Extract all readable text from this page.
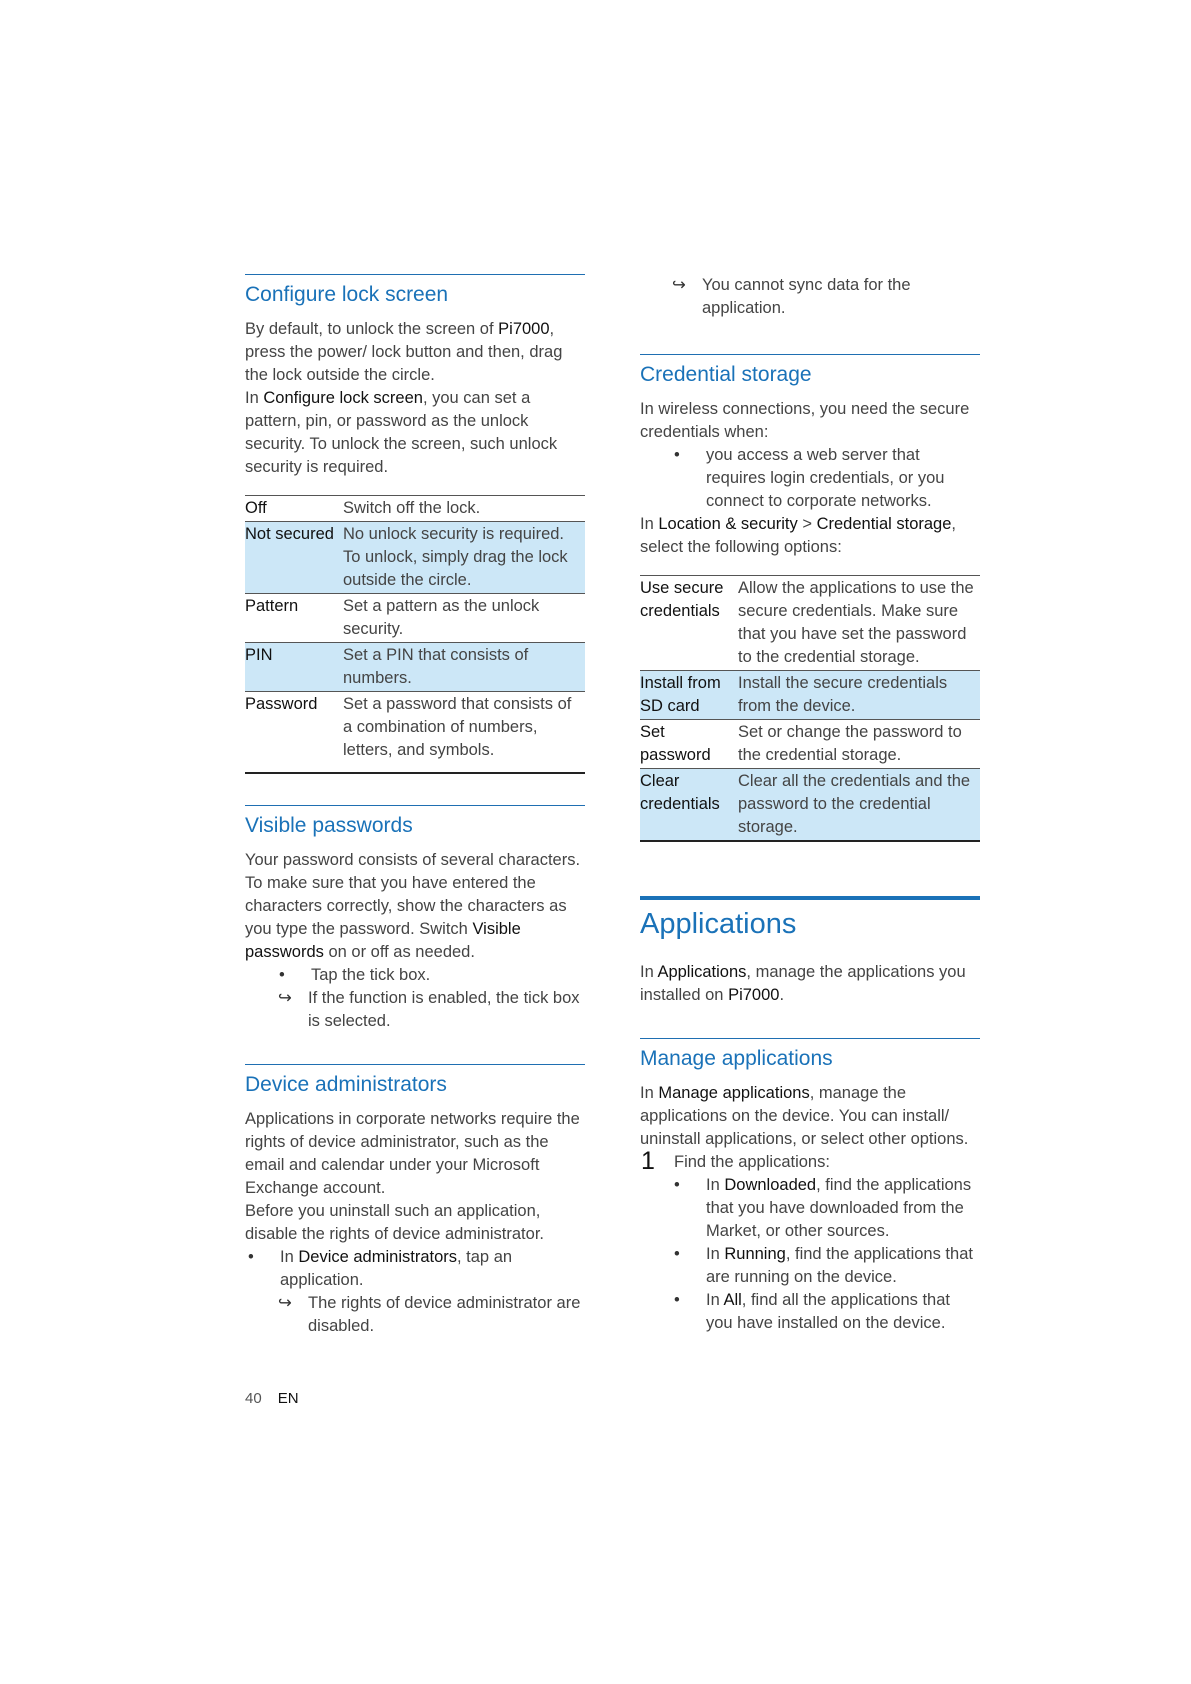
Configure lock screen

By default, to unlock the screen of Pi7000, press the power/ lock button and then, drag the lock outside the circle.

In Configure lock screen, you can set a pattern, pin, or password as the unlock security. To unlock the screen, such unlock security is required.

Off	Switch off the lock.
Not secured	No unlock security is required. To unlock, simply drag the lock outside the circle.
Pattern	Set a pattern as the unlock security.
PIN	Set a PIN that consists of numbers.
Password	Set a password that consists of a combination of numbers, letters, and symbols.
Visible passwords

Your password consists of several characters. To make sure that you have entered the characters correctly, show the characters as you type the password. Switch Visible passwords on or off as needed.

• Tap the tick box.
↪ If the function is enabled, the tick box is selected.
Device administrators

Applications in corporate networks require the rights of device administrator, such as the email and calendar under your Microsoft Exchange account.

Before you uninstall such an application, disable the rights of device administrator.

• In Device administrators, tap an application.
↪ The rights of device administrator are disabled.
↪ You cannot sync data for the application.
Credential storage

In wireless connections, you need the secure credentials when:

• you access a web server that requires login credentials, or you connect to corporate networks.

In Location & security > Credential storage, select the following options:

Use secure credentials	Allow the applications to use the secure credentials. Make sure that you have set the password to the credential storage.
Install from SD card	Install the secure credentials from the device.
Set password	Set or change the password to the credential storage.
Clear credentials	Clear all the credentials and the password to the credential storage.
Applications

In Applications, manage the applications you installed on Pi7000.

Manage applications

In Manage applications, manage the applications on the device. You can install/ uninstall applications, or select other options.

1 Find the applications:
• In Downloaded, find the applications that you have downloaded from the Market, or other sources.
• In Running, find the applications that are running on the device.
• In All, find all the applications that you have installed on the device.
40 EN
